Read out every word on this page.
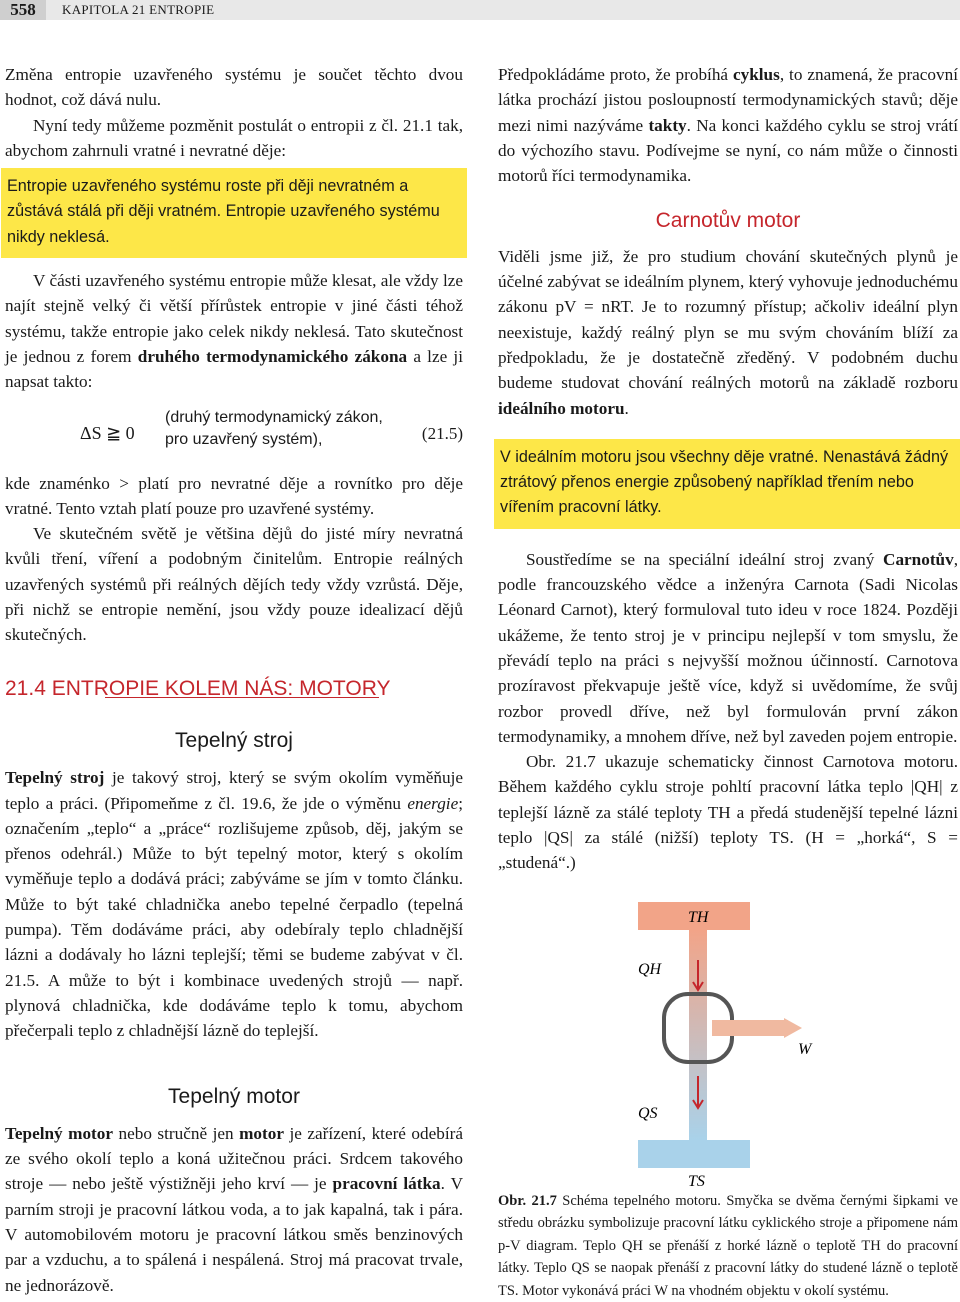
558	KAPITOLA 21 ENTROPIE

Změna entropie uzavřeného systému je součet těchto dvou hodnot, což dává nulu.

Nyní tedy můžeme pozměnit postulát o entropii z čl. 21.1 tak, abychom zahrnuli vratné i nevratné děje:

Entropie uzavřeného systému roste při ději nevratném a zůstává stálá při ději vratném. Entropie uzavřeného systému nikdy neklesá.

V části uzavřeného systému entropie může klesat, ale vždy lze najít stejně velký či větší přírůstek entropie v jiné části téhož systému, takže entropie jako celek nikdy neklesá. Tato skutečnost je jednou z forem druhého termodynamického zákona a lze ji napsat takto:

ΔS ≧ 0
(druhý termodynamický zákon,
pro uzavřený systém),	(21.5)

kde znaménko > platí pro nevratné děje a rovnítko pro děje vratné. Tento vztah platí pouze pro uzavřené systémy.

Ve skutečném světě je většina dějů do jisté míry nevratná kvůli tření, víření a podobným činitelům. Entropie reálných uzavřených systémů při reálných dějích tedy vždy vzrůstá. Děje, při nichž se entropie nemění, jsou vždy pouze idealizací dějů skutečných.

21.4 ENTROPIE KOLEM NÁS: MOTORY
Tepelný stroj

Tepelný stroj je takový stroj, který se svým okolím vyměňuje teplo a práci. (Připomeňme z čl. 19.6, že jde o výměnu energie; označením „teplo“ a „práce“ rozlišujeme způsob, děj, jakým se přenos odehrál.) Může to být tepelný motor, který s okolím vyměňuje teplo a dodává práci; zabýváme se jím v tomto článku. Může to být také chladnička anebo tepelné čerpadlo (tepelná pumpa). Těm dodáváme práci, aby odebíraly teplo chladnější lázni a dodávaly ho lázni teplejší; těmi se budeme zabývat v čl. 21.5. A může to být i kombinace uvedených strojů — např. plynová chladnička, kde dodáváme teplo k tomu, abychom přečerpali teplo z chladnější lázně do teplejší.

Tepelný motor

Tepelný motor nebo stručně jen motor je zařízení, které odebírá ze svého okolí teplo a koná užitečnou práci. Srdcem takového stroje — nebo ještě výstižněji jeho krví — je pracovní látka. V parním stroji je pracovní látkou voda, a to jak kapalná, tak i pára. V automobilovém motoru je pracovní látkou směs benzinových par a vzduchu, a to spálená i nespálená. Stroj má pracovat trvale, ne jednorázově.

Předpokládáme proto, že probíhá cyklus, to znamená, že pracovní látka prochází jistou posloupností termodynamických stavů; děje mezi nimi nazýváme takty. Na konci každého cyklu se stroj vrátí do výchozího stavu. Podívejme se nyní, co nám může o činnosti motorů říci termodynamika.

Carnotův motor

Viděli jsme již, že pro studium chování skutečných plynů je účelné zabývat se ideálním plynem, který vyhovuje jednoduchému zákonu pV = nRT. Je to rozumný přístup; ačkoliv ideální plyn neexistuje, každý reálný plyn se mu svým chováním blíží za předpokladu, že je dostatečně zředěný. V podobném duchu budeme studovat chování reálných motorů na základě rozboru ideálního motoru.

V ideálním motoru jsou všechny děje vratné. Nenastává žádný ztrátový přenos energie způsobený například třením nebo vířením pracovní látky.

Soustředíme se na speciální ideální stroj zvaný Carnotův, podle francouzského vědce a inženýra Carnota (Sadi Nicolas Léonard Carnot), který formuloval tuto ideu v roce 1824. Později ukážeme, že tento stroj je v principu nejlepší v tom smyslu, že převádí teplo na práci s nejvyšší možnou účinností. Carnotova prozíravost překvapuje ještě více, když si uvědomíme, že svůj rozbor provedl dříve, než byl formulován první zákon termodynamiky, a mnohem dříve, než byl zaveden pojem entropie.

Obr. 21.7 ukazuje schematicky činnost Carnotova motoru. Během každého cyklu stroje pohltí pracovní látka teplo |QH| z teplejší lázně za stálé teploty TH a předá studenější tepelné lázni teplo |QS| za stálé (nižší) teploty TS. (H = „horká“, S = „studená“.)

TH
QH
W
QS
TS

Obr. 21.7 Schéma tepelného motoru. Smyčka se dvěma černými šipkami ve středu obrázku symbolizuje pracovní látku cyklického stroje a připomene nám p-V diagram. Teplo QH se přenáší z horké lázně o teplotě TH do pracovní látky. Teplo QS se naopak přenáší z pracovní látky do studené lázně o teplotě TS. Motor vykonává práci W na vhodném objektu v okolí systému.
